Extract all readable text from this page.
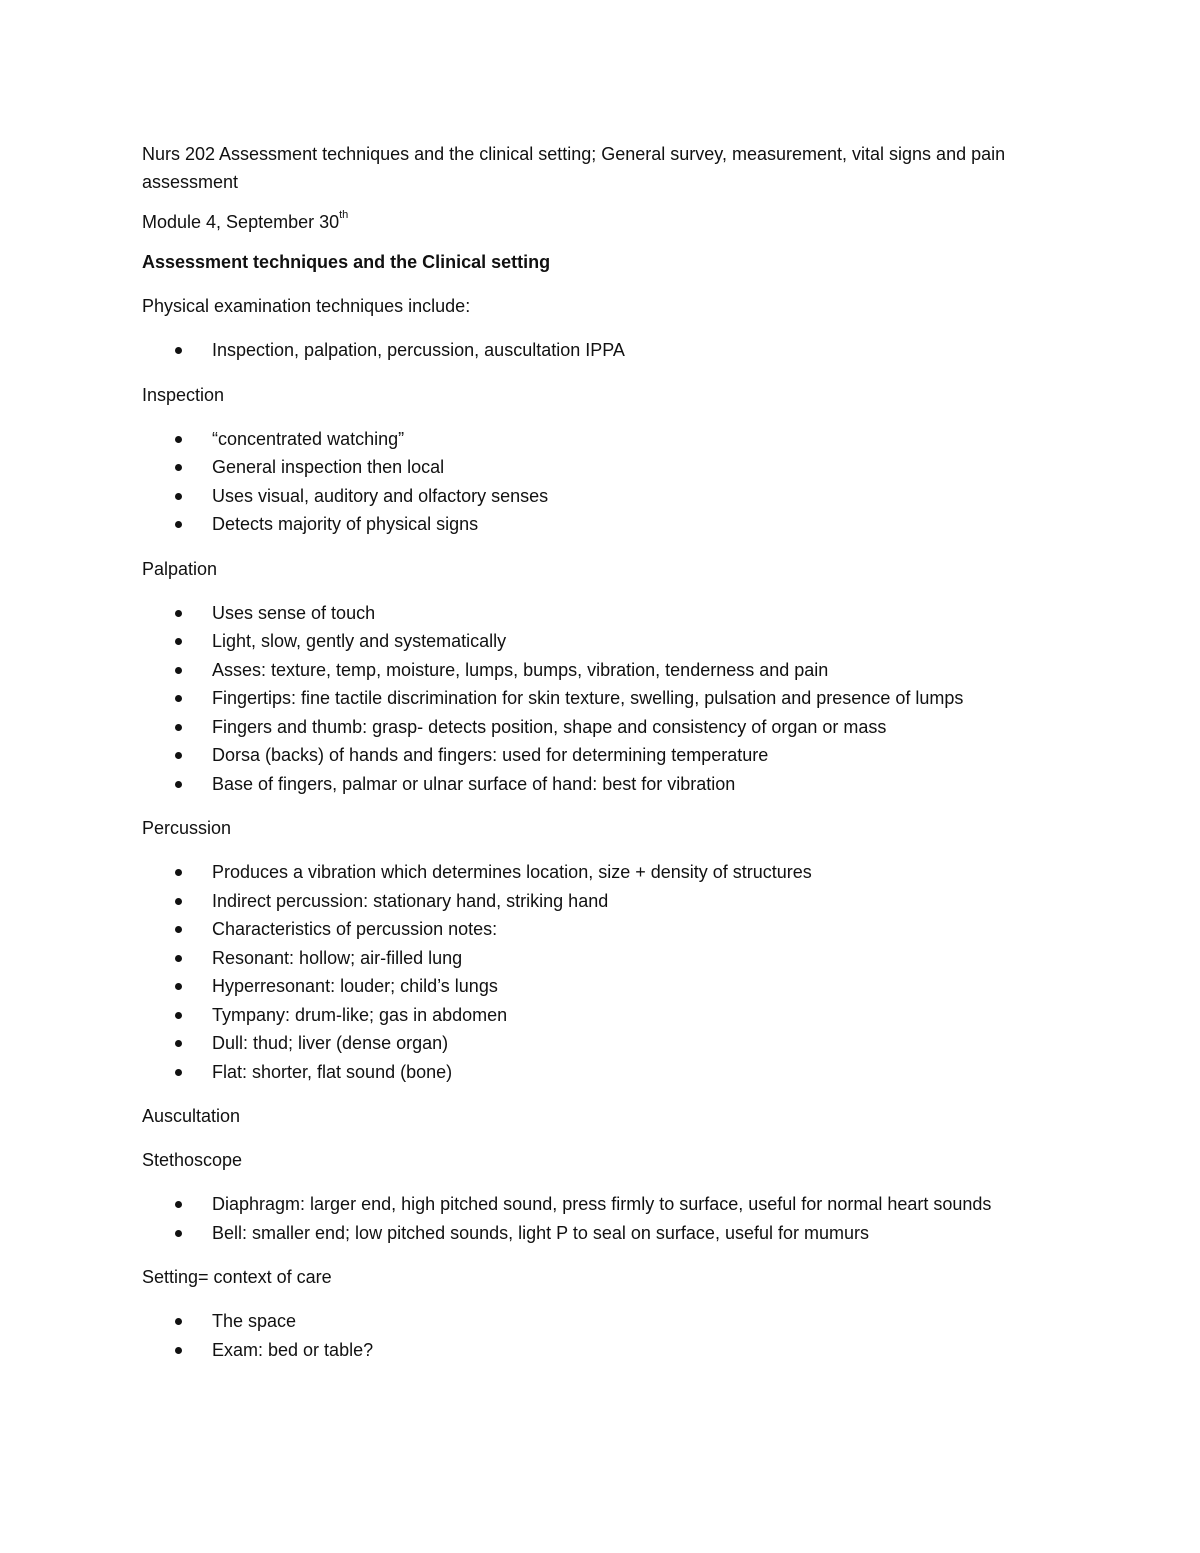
Nurs 202 Assessment techniques and the clinical setting; General survey, measurement, vital signs and pain assessment

Module 4, September 30th

Assessment techniques and the Clinical setting

Physical examination techniques include:

Inspection, palpation, percussion, auscultation IPPA

Inspection

“concentrated watching”
General inspection then local
Uses visual, auditory and olfactory senses
Detects majority of physical signs

Palpation

Uses sense of touch
Light, slow, gently and systematically
Asses: texture, temp, moisture, lumps, bumps, vibration, tenderness and pain
Fingertips: fine tactile discrimination for skin texture, swelling, pulsation and presence of lumps
Fingers and thumb: grasp- detects position, shape and consistency of organ or mass
Dorsa (backs) of hands and fingers: used for determining temperature
Base of fingers, palmar or ulnar surface of hand: best for vibration

Percussion

Produces a vibration which determines location, size + density of structures
Indirect percussion: stationary hand, striking hand
Characteristics of percussion notes:
Resonant: hollow; air-filled lung
Hyperresonant: louder; child’s lungs
Tympany: drum-like; gas in abdomen
Dull: thud; liver (dense organ)
Flat: shorter, flat sound (bone)

Auscultation

Stethoscope

Diaphragm: larger end, high pitched sound, press firmly to surface, useful for normal heart sounds
Bell: smaller end; low pitched sounds, light P to seal on surface, useful for mumurs

Setting= context of care

The space
Exam: bed or table?
